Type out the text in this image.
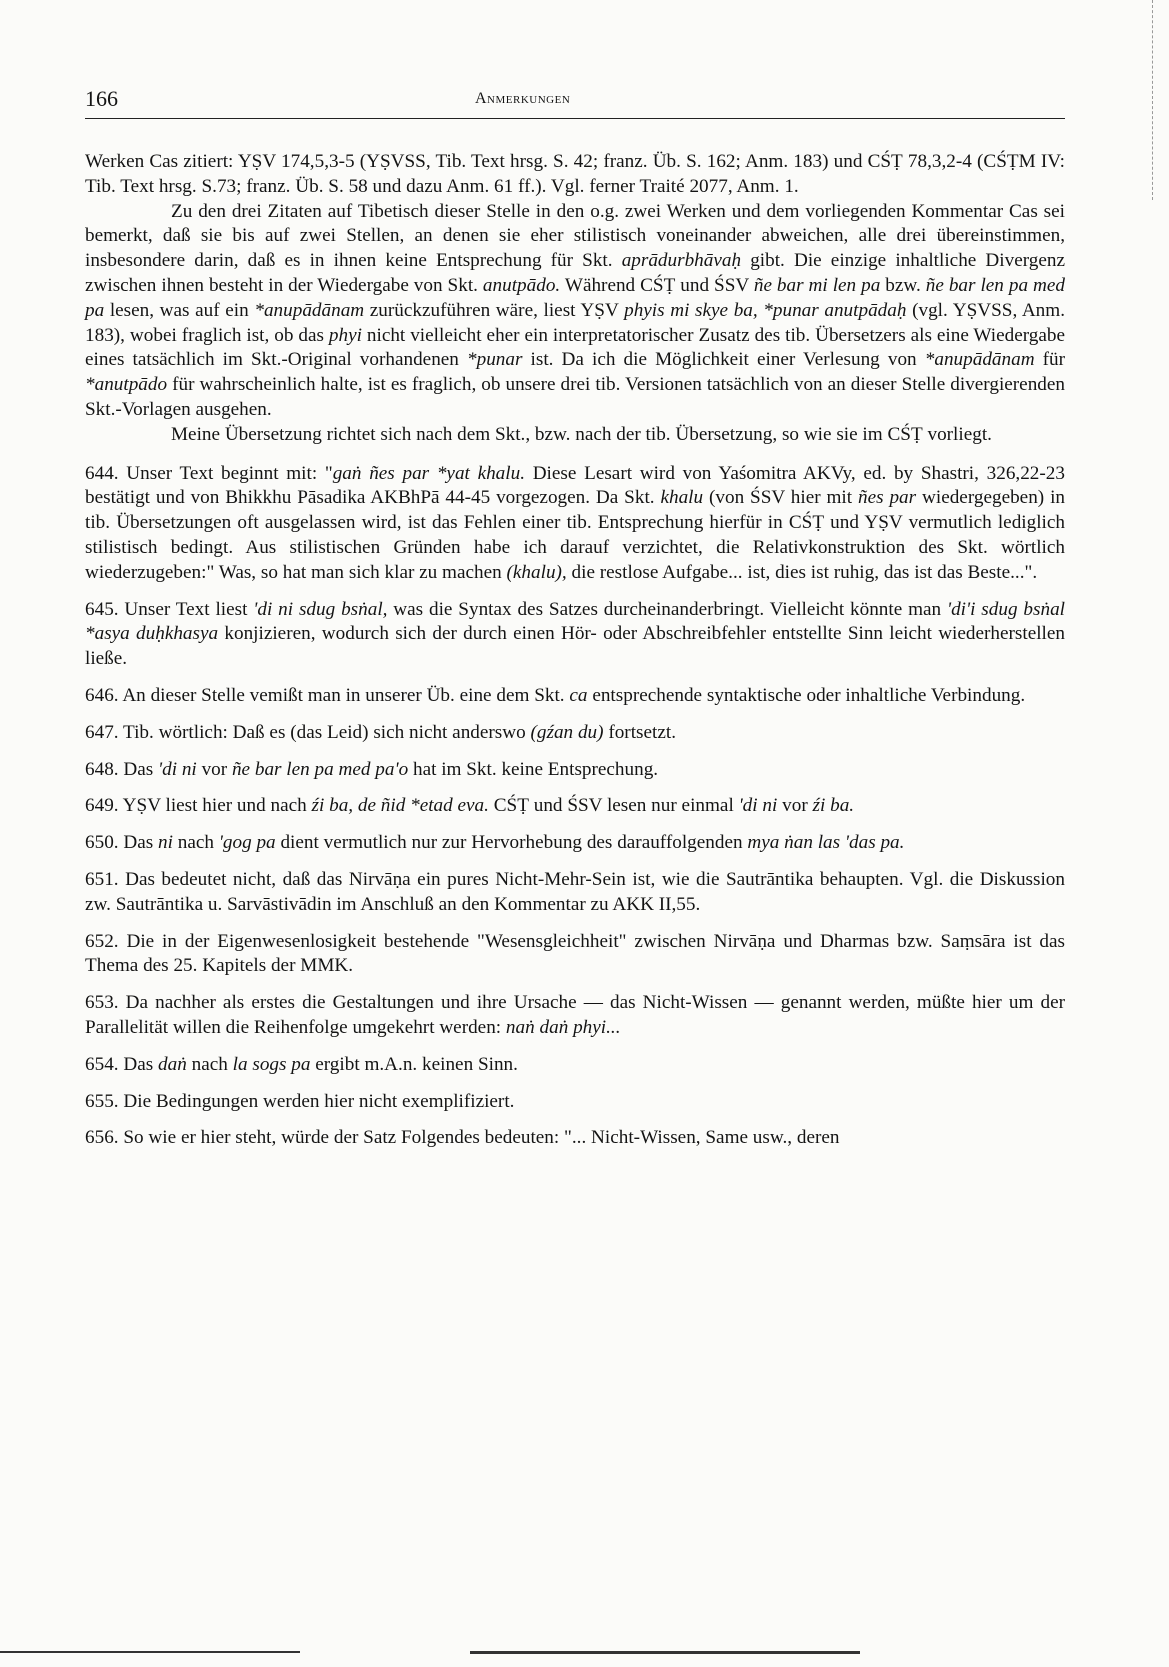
166	Anmerkungen

Werken Cas zitiert: YṢV 174,5,3-5 (YṢVSS, Tib. Text hrsg. S. 42; franz. Üb. S. 162; Anm. 183) und CŚṬ 78,3,2-4 (CŚṬM IV: Tib. Text hrsg. S.73; franz. Üb. S. 58 und dazu Anm. 61 ff.). Vgl. ferner Traité 2077, Anm. 1.

Zu den drei Zitaten auf Tibetisch dieser Stelle in den o.g. zwei Werken und dem vorliegenden Kommentar Cas sei bemerkt, daß sie bis auf zwei Stellen, an denen sie eher stilistisch voneinander abweichen, alle drei übereinstimmen, insbesondere darin, daß es in ihnen keine Entsprechung für Skt. aprādurbhāvaḥ gibt. Die einzige inhaltliche Divergenz zwischen ihnen besteht in der Wiedergabe von Skt. anutpādo. Während CŚṬ und ŚSV ñe bar mi len pa bzw. ñe bar len pa med pa lesen, was auf ein *anupādānam zurückzuführen wäre, liest YṢV phyis mi skye ba, *punar anutpādaḥ (vgl. YṢVSS, Anm. 183), wobei fraglich ist, ob das phyi nicht vielleicht eher ein interpretatorischer Zusatz des tib. Übersetzers als eine Wiedergabe eines tatsächlich im Skt.-Original vorhandenen *punar ist. Da ich die Möglichkeit einer Verlesung von *anupādānam für *anutpādo für wahrscheinlich halte, ist es fraglich, ob unsere drei tib. Versionen tatsächlich von an dieser Stelle divergierenden Skt.-Vorlagen ausgehen.

Meine Übersetzung richtet sich nach dem Skt., bzw. nach der tib. Übersetzung, so wie sie im CŚṬ vorliegt.

644. Unser Text beginnt mit: "gaṅ ñes par *yat khalu. Diese Lesart wird von Yaśomitra AKVy, ed. by Shastri, 326,22-23 bestätigt und von Bhikkhu Pāsadika AKBhPā 44-45 vorgezogen. Da Skt. khalu (von ŚSV hier mit ñes par wiedergegeben) in tib. Übersetzungen oft ausgelassen wird, ist das Fehlen einer tib. Entsprechung hierfür in CŚṬ und YṢV vermutlich lediglich stilistisch bedingt. Aus stilistischen Gründen habe ich darauf verzichtet, die Relativkonstruktion des Skt. wörtlich wiederzugeben:" Was, so hat man sich klar zu machen (khalu), die restlose Aufgabe... ist, dies ist ruhig, das ist das Beste...".

645. Unser Text liest 'di ni sdug bsṅal, was die Syntax des Satzes durcheinanderbringt. Vielleicht könnte man 'di'i sdug bsṅal *asya duḥkhasya konjizieren, wodurch sich der durch einen Hör- oder Abschreibfehler entstellte Sinn leicht wiederherstellen ließe.

646. An dieser Stelle vemißt man in unserer Üb. eine dem Skt. ca entsprechende syntaktische oder inhaltliche Verbindung.

647. Tib. wörtlich: Daß es (das Leid) sich nicht anderswo (gźan du) fortsetzt.

648. Das 'di ni vor ñe bar len pa med pa'o hat im Skt. keine Entsprechung.

649. YṢV liest hier und nach źi ba, de ñid *etad eva. CŚṬ und ŚSV lesen nur einmal 'di ni vor źi ba.

650. Das ni nach 'gog pa dient vermutlich nur zur Hervorhebung des darauffolgenden mya ṅan las 'das pa.

651. Das bedeutet nicht, daß das Nirvāṇa ein pures Nicht-Mehr-Sein ist, wie die Sautrāntika behaupten. Vgl. die Diskussion zw. Sautrāntika u. Sarvāstivādin im Anschluß an den Kommentar zu AKK II,55.

652. Die in der Eigenwesenlosigkeit bestehende "Wesensgleichheit" zwischen Nirvāṇa und Dharmas bzw. Saṃsāra ist das Thema des 25. Kapitels der MMK.

653. Da nachher als erstes die Gestaltungen und ihre Ursache — das Nicht-Wissen — genannt werden, müßte hier um der Parallelität willen die Reihenfolge umgekehrt werden: naṅ daṅ phyi...

654. Das daṅ nach la sogs pa ergibt m.A.n. keinen Sinn.

655. Die Bedingungen werden hier nicht exemplifiziert.

656. So wie er hier steht, würde der Satz Folgendes bedeuten: "... Nicht-Wissen, Same usw., deren
